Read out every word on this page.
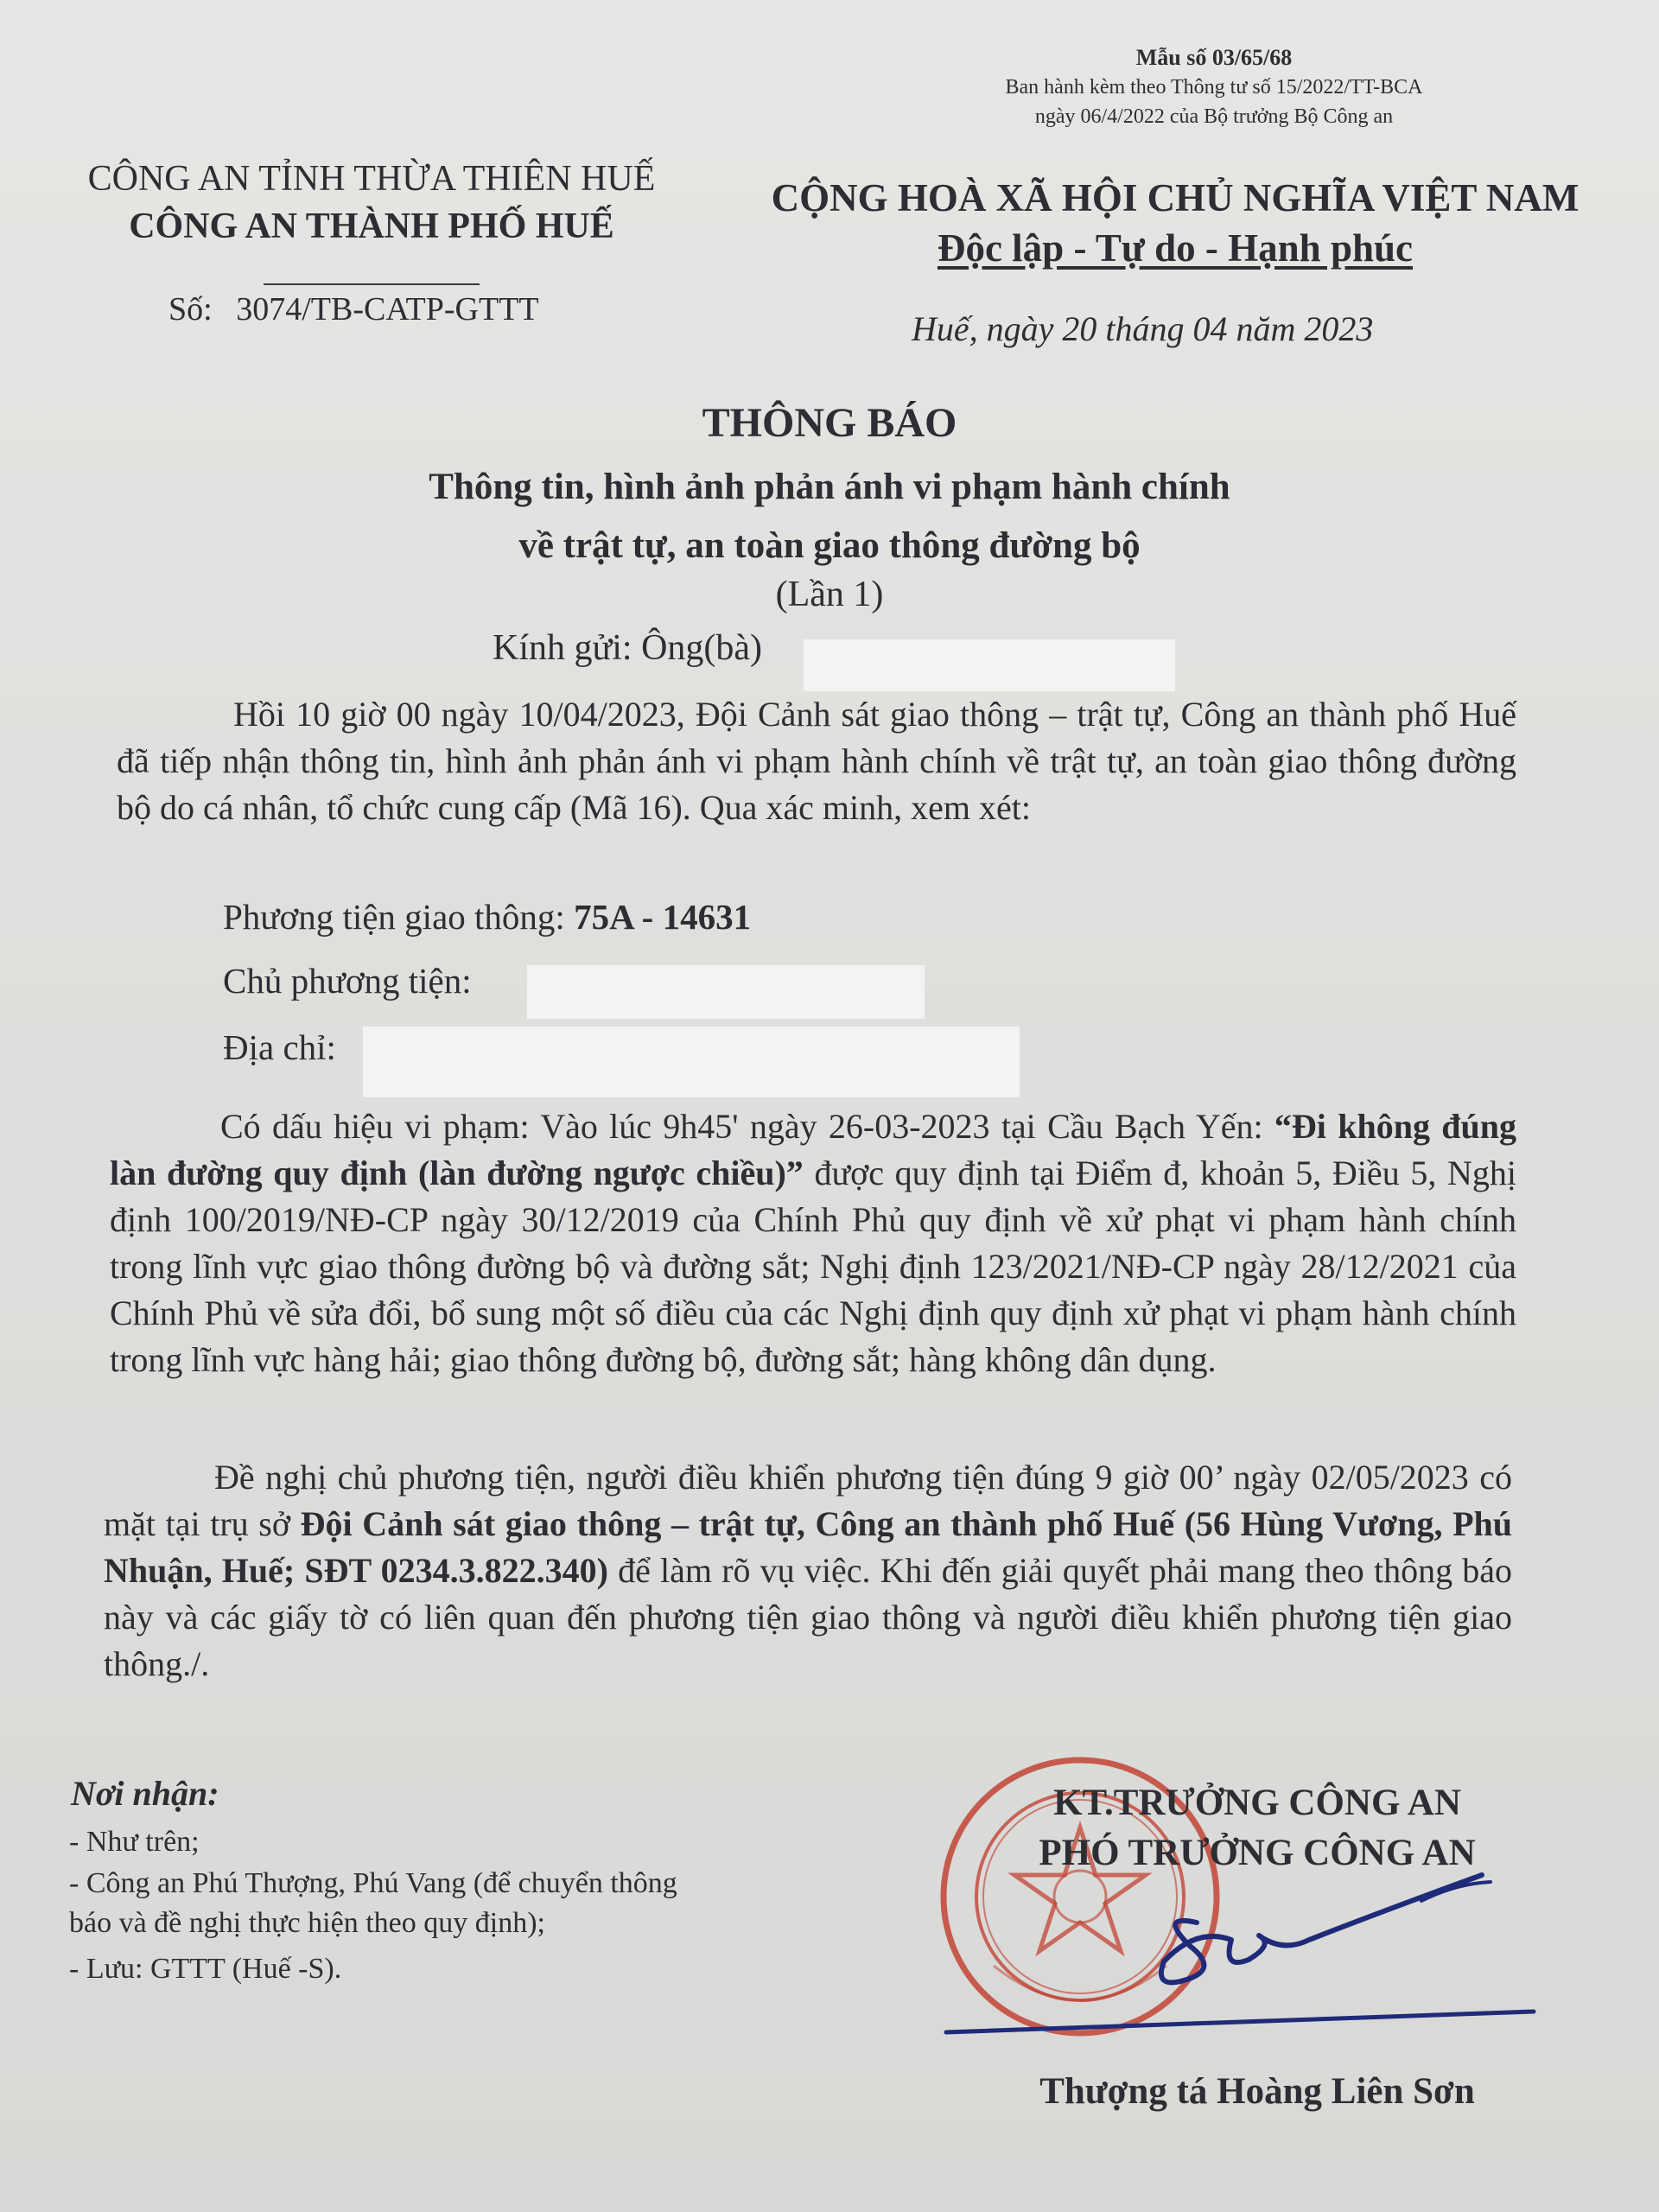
Mẫu số 03/65/68
Ban hành kèm theo Thông tư số 15/2022/TT-BCA
ngày 06/4/2022 của Bộ trưởng Bộ Công an
CÔNG AN TỈNH THỪA THIÊN HUẾ
CÔNG AN THÀNH PHỐ HUẾ
CỘNG HOÀ XÃ HỘI CHỦ NGHĨA VIỆT NAM
Độc lập - Tự do - Hạnh phúc
Số: 3074/TB-CATP-GTTT	Huế, ngày 20 tháng 04 năm 2023
THÔNG BÁO
Thông tin, hình ảnh phản ánh vi phạm hành chính
về trật tự, an toàn giao thông đường bộ
(Lần 1)
Kính gửi: Ông(bà)
Hồi 10 giờ 00 ngày 10/04/2023, Đội Cảnh sát giao thông – trật tự, Công an thành phố Huế đã tiếp nhận thông tin, hình ảnh phản ánh vi phạm hành chính về trật tự, an toàn giao thông đường bộ do cá nhân, tổ chức cung cấp (Mã 16). Qua xác minh, xem xét:
Phương tiện giao thông: 75A - 14631
Chủ phương tiện:
Địa chỉ:
Có dấu hiệu vi phạm: Vào lúc 9h45' ngày 26-03-2023 tại Cầu Bạch Yến: “Đi không đúng làn đường quy định (làn đường ngược chiều)” được quy định tại Điểm đ, khoản 5, Điều 5, Nghị định 100/2019/NĐ-CP ngày 30/12/2019 của Chính Phủ quy định về xử phạt vi phạm hành chính trong lĩnh vực giao thông đường bộ và đường sắt; Nghị định 123/2021/NĐ-CP ngày 28/12/2021 của Chính Phủ về sửa đổi, bổ sung một số điều của các Nghị định quy định xử phạt vi phạm hành chính trong lĩnh vực hàng hải; giao thông đường bộ, đường sắt; hàng không dân dụng.
Đề nghị chủ phương tiện, người điều khiển phương tiện đúng 9 giờ 00’ ngày 02/05/2023 có mặt tại trụ sở Đội Cảnh sát giao thông – trật tự, Công an thành phố Huế (56 Hùng Vương, Phú Nhuận, Huế; SĐT 0234.3.822.340) để làm rõ vụ việc. Khi đến giải quyết phải mang theo thông báo này và các giấy tờ có liên quan đến phương tiện giao thông và người điều khiển phương tiện giao thông./.
Nơi nhận:
- Như trên;
- Công an Phú Thượng, Phú Vang (để chuyển thông
báo và đề nghị thực hiện theo quy định);
- Lưu: GTTT (Huế -S).
KT.TRƯỞNG CÔNG AN
PHÓ TRƯỞNG CÔNG AN
Thượng tá Hoàng Liên Sơn
